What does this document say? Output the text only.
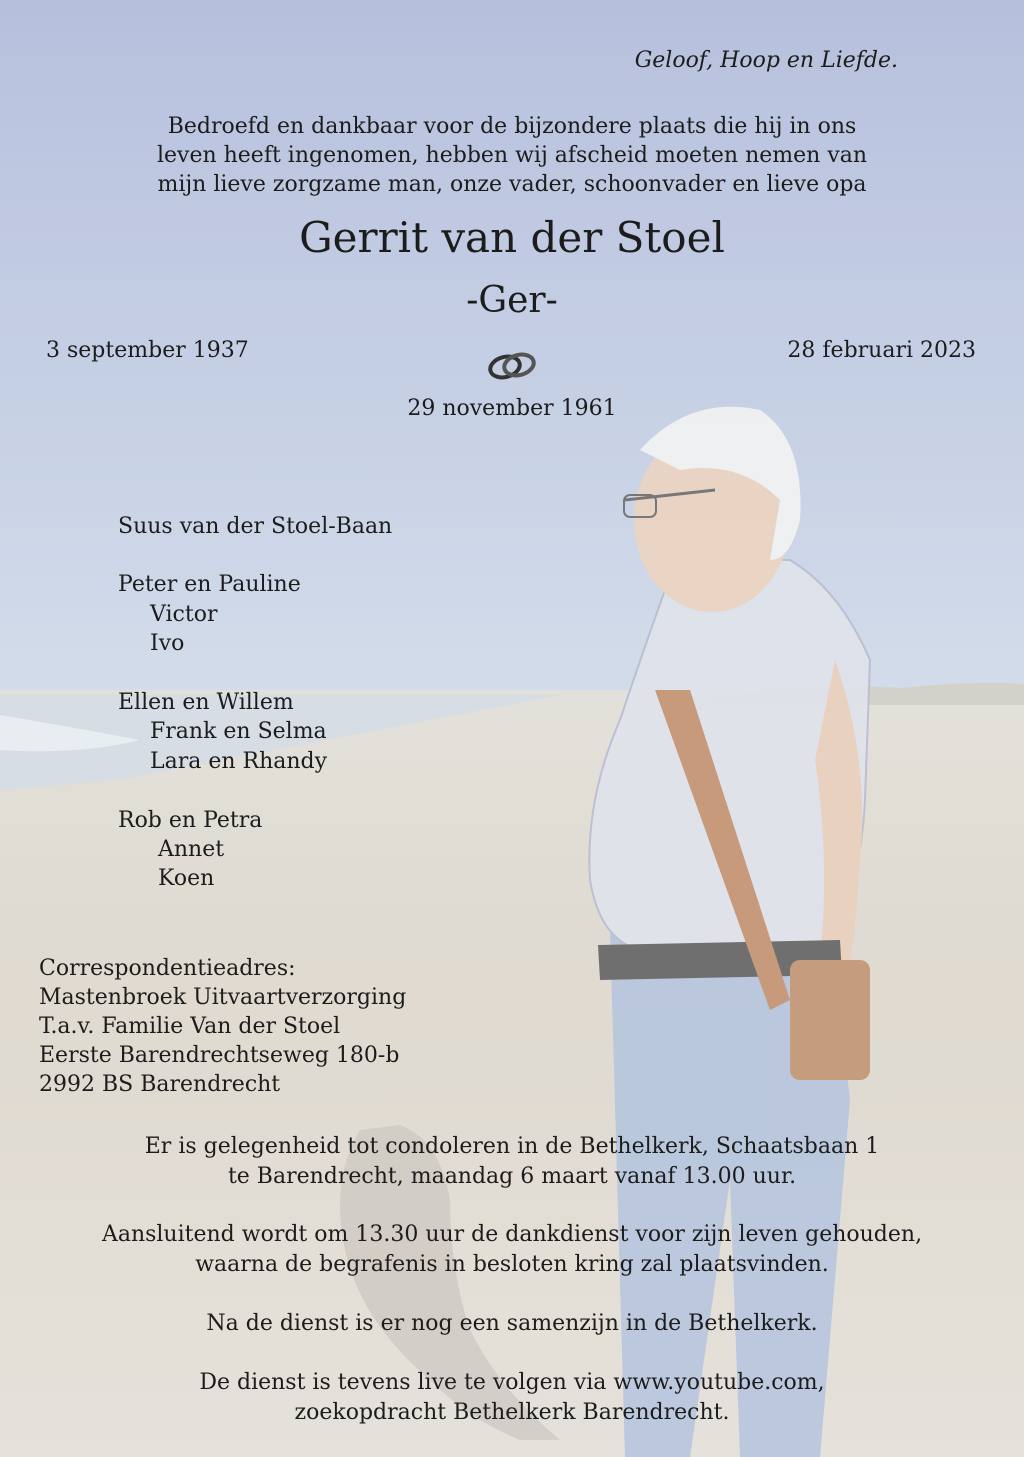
Geloof, Hoop en Liefde.
Bedroefd en dankbaar voor de bijzondere plaats die hij in ons
leven heeft ingenomen, hebben wij afscheid moeten nemen van
mijn lieve zorgzame man, onze vader, schoonvader en lieve opa
Gerrit van der Stoel
-Ger-
3 september 1937	28 februari 2023
29 november 1961
Suus van der Stoel-Baan
Peter en Pauline
Victor
Ivo
Ellen en Willem
Frank en Selma
Lara en Rhandy
Rob en Petra
Annet
Koen
Correspondentieadres:
Mastenbroek Uitvaartverzorging
T.a.v. Familie Van der Stoel
Eerste Barendrechtseweg 180-b
2992 BS Barendrecht
Er is gelegenheid tot condoleren in de Bethelkerk, Schaatsbaan 1
te Barendrecht, maandag 6 maart vanaf 13.00 uur.
Aansluitend wordt om 13.30 uur de dankdienst voor zijn leven gehouden,
waarna de begrafenis in besloten kring zal plaatsvinden.
Na de dienst is er nog een samenzijn in de Bethelkerk.
De dienst is tevens live te volgen via www.youtube.com,
zoekopdracht Bethelkerk Barendrecht.
